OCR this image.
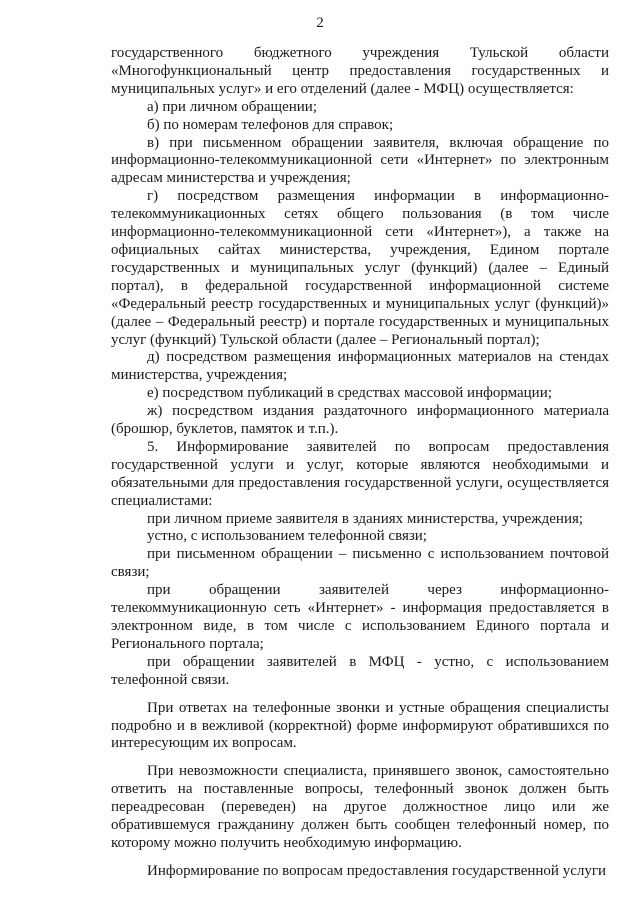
2

государственного бюджетного учреждения Тульской области «Многофункциональный центр предоставления государственных и муниципальных услуг» и его отделений (далее - МФЦ) осуществляется:

а) при личном обращении;

б) по номерам телефонов для справок;

в) при письменном обращении заявителя, включая обращение по информационно-телекоммуникационной сети «Интернет» по электронным адресам министерства и учреждения;

г) посредством размещения информации в информационно-телекоммуникационных сетях общего пользования (в том числе информационно-телекоммуникационной сети «Интернет»), а также на официальных сайтах министерства, учреждения, Едином портале государственных и муниципальных услуг (функций) (далее – Единый портал), в федеральной государственной информационной системе «Федеральный реестр государственных и муниципальных услуг (функций)» (далее – Федеральный реестр) и портале государственных и муниципальных услуг (функций) Тульской области (далее – Региональный портал);

д) посредством размещения информационных материалов на стендах министерства, учреждения;

е) посредством публикаций в средствах массовой информации;

ж) посредством издания раздаточного информационного материала (брошюр, буклетов, памяток и т.п.).

5. Информирование заявителей по вопросам предоставления государственной услуги и услуг, которые являются необходимыми и обязательными для предоставления государственной услуги, осуществляется специалистами:

при личном приеме заявителя в зданиях министерства, учреждения;

устно, с использованием телефонной связи;

при письменном обращении – письменно с использованием почтовой связи;

при обращении заявителей через информационно-телекоммуникационную сеть «Интернет» - информация предоставляется в электронном виде, в том числе с использованием Единого портала и Регионального портала;

при обращении заявителей в МФЦ - устно, с использованием телефонной связи.

При ответах на телефонные звонки и устные обращения специалисты подробно и в вежливой (корректной) форме информируют обратившихся по интересующим их вопросам.

При невозможности специалиста, принявшего звонок, самостоятельно ответить на поставленные вопросы, телефонный звонок должен быть переадресован (переведен) на другое должностное лицо или же обратившемуся гражданину должен быть сообщен телефонный номер, по которому можно получить необходимую информацию.

Информирование по вопросам предоставления государственной услуги
